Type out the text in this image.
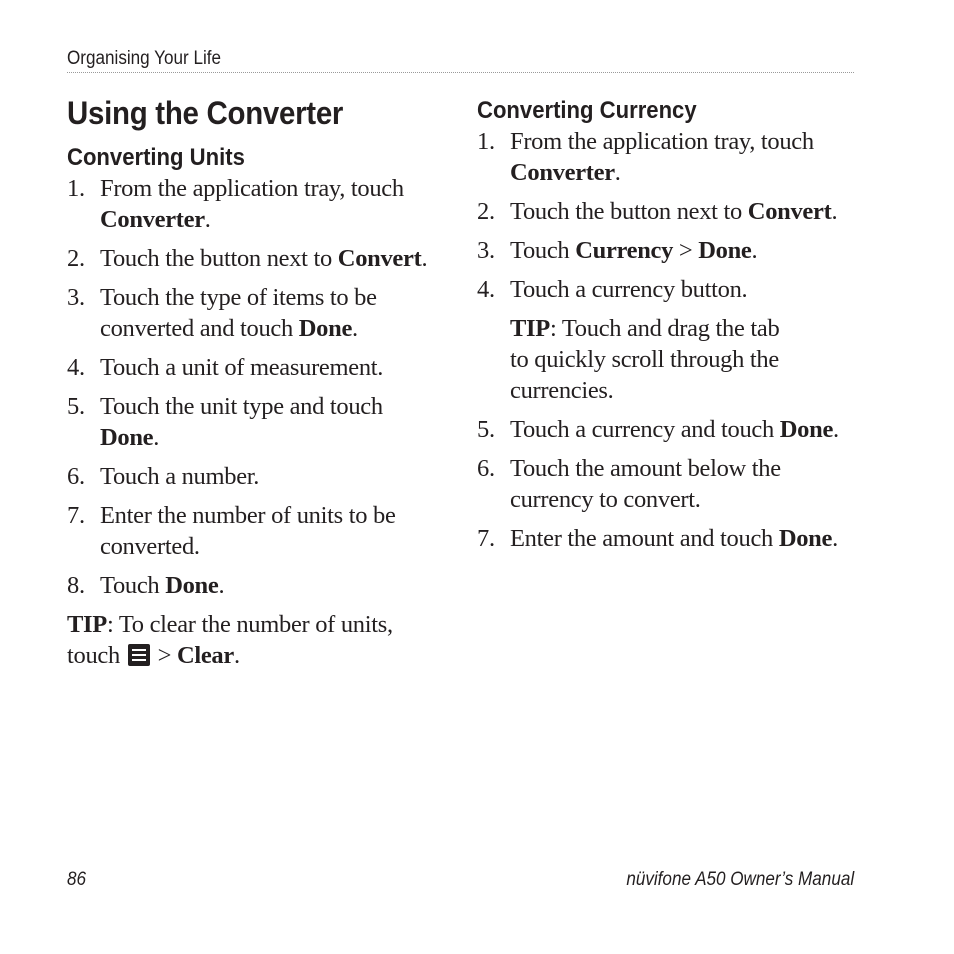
Organising Your Life
Using the Converter
Converting Units
1. From the application tray, touch
Converter.
2. Touch the button next to Convert.
3. Touch the type of items to be
converted and touch Done.
4. Touch a unit of measurement.
5. Touch the unit type and touch
Done.
6. Touch a number.
7. Enter the number of units to be
converted.
8. Touch Done.

TIP: To clear the number of units,
touch
> Clear.

Converting Currency
1. From the application tray, touch
Converter.
2. Touch the button next to Convert.
3. Touch Currency > Done.
4. Touch a currency button.

TIP: Touch and drag the tab
to quickly scroll through the
currencies.

5. Touch a currency and touch Done.
6. Touch the amount below the
currency to convert.
7. Enter the amount and touch Done.
86	nüvifone A50 Owner’s Manual
